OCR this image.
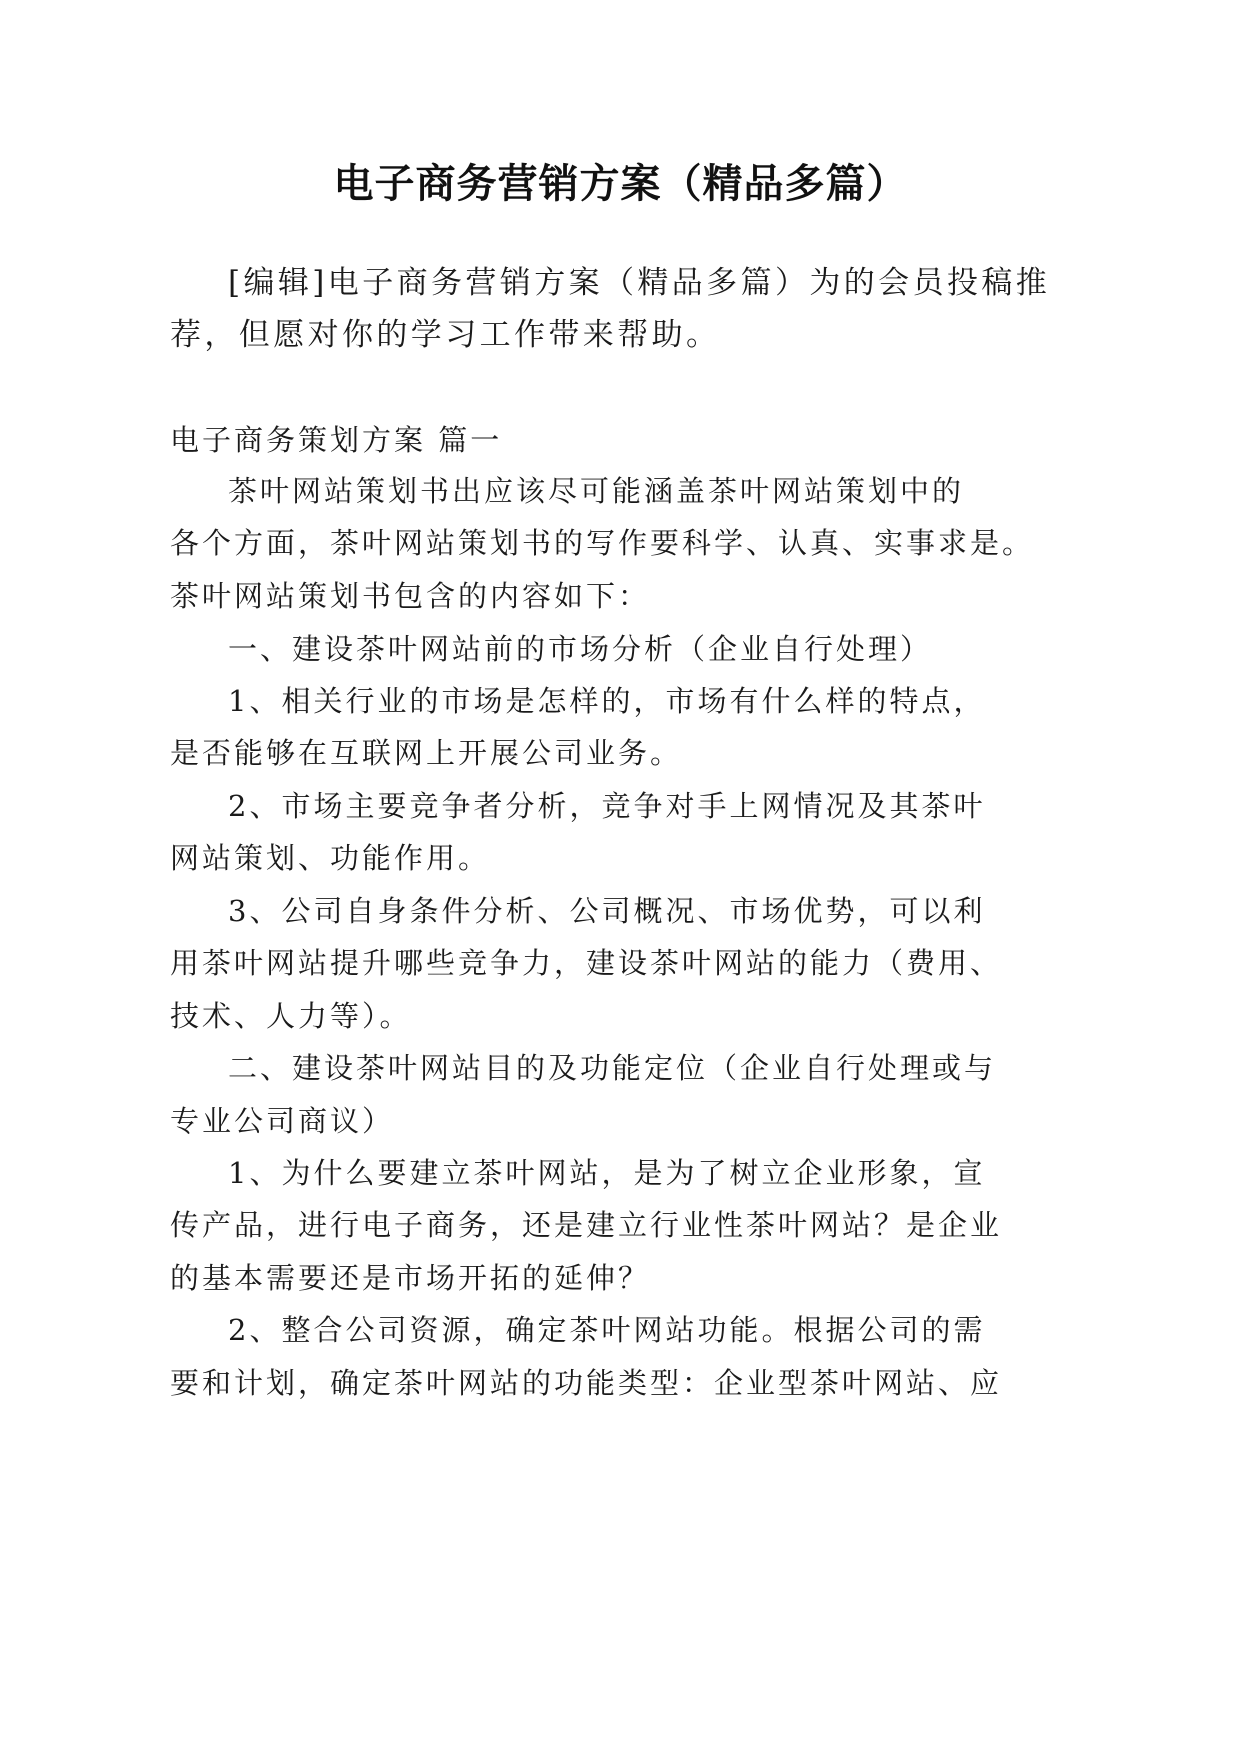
电子商务营销方案（精品多篇）

[编辑]电子商务营销方案（精品多篇）为的会员投稿推

荐，但愿对你的学习工作带来帮助。

电子商务策划方案 篇一

茶叶网站策划书出应该尽可能涵盖茶叶网站策划中的

各个方面，茶叶网站策划书的写作要科学、认真、实事求是。

茶叶网站策划书包含的内容如下：

一、建设茶叶网站前的市场分析（企业自行处理）

1、相关行业的市场是怎样的，市场有什么样的特点，

是否能够在互联网上开展公司业务。

2、市场主要竞争者分析，竞争对手上网情况及其茶叶

网站策划、功能作用。

3、公司自身条件分析、公司概况、市场优势，可以利

用茶叶网站提升哪些竞争力，建设茶叶网站的能力（费用、

技术、人力等）。

二、建设茶叶网站目的及功能定位（企业自行处理或与

专业公司商议）

1、为什么要建立茶叶网站，是为了树立企业形象，宣

传产品，进行电子商务，还是建立行业性茶叶网站？是企业

的基本需要还是市场开拓的延伸？

2、整合公司资源，确定茶叶网站功能。根据公司的需

要和计划，确定茶叶网站的功能类型：企业型茶叶网站、应
